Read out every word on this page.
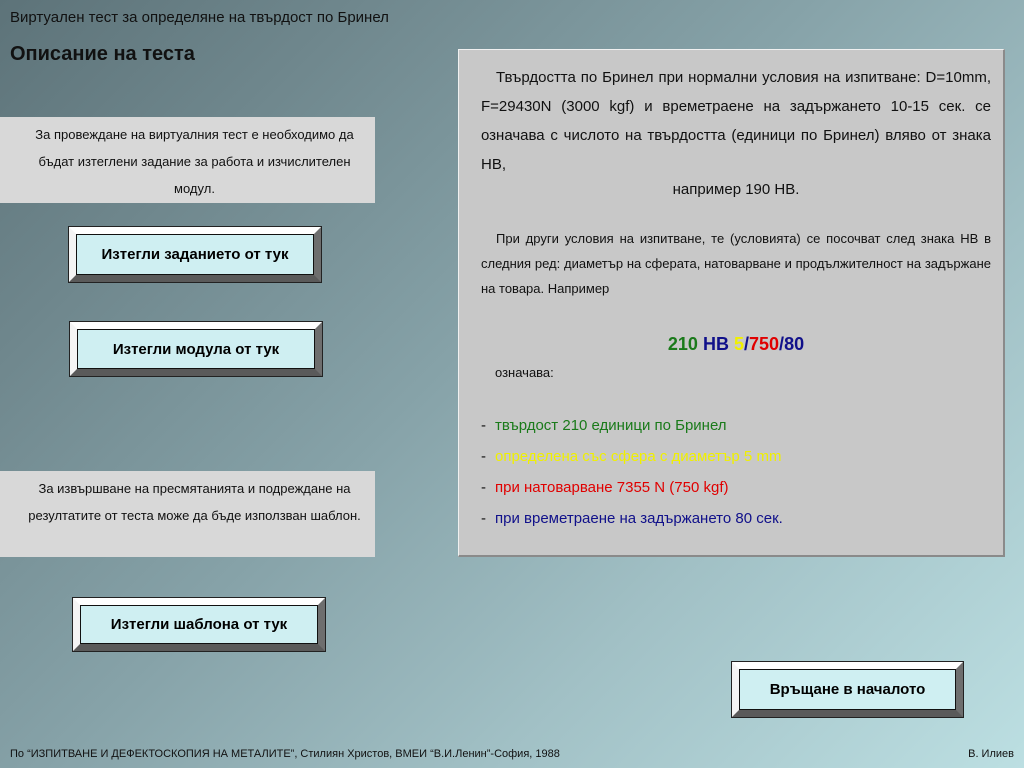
Виртуален тест за определяне на твърдост по Бринел
Описание на теста
За провеждане на виртуалния тест е необходимо да бъдат изтеглени задание за работа и изчислителен модул.
Изтегли заданието от тук
Изтегли модула от тук
За извършване на пресмятанията и подреждане на резултатите от теста може да бъде използван шаблон.
Изтегли шаблона от тук

Твърдостта по Бринел при нормални условия на изпитване: D=10mm, F=29430N (3000 kgf) и времетраене на задържането 10-15 сек. се означава с числото на твърдостта (единици по Бринел) вляво от знака HB,

например 190 HB.

При други условия на изпитване, те (условията) се посочват след знака HB в следния ред: диаметър на сферата, натоварване и продължителност на задържане на товара. Например

210 HB 5/750/80

означава:

- твърдост 210 единици по Бринел
- определена със сфера с диаметър 5 mm
- при натоварване 7355 N (750 kgf)
- при времетраене на задържането 80 сек.
Връщане в началото
По “ИЗПИТВАНЕ И ДЕФЕКТОСКОПИЯ НА МЕТАЛИТЕ”, Стилиян Христов, ВМЕИ “В.И.Ленин”-София, 1988	В. Илиев
